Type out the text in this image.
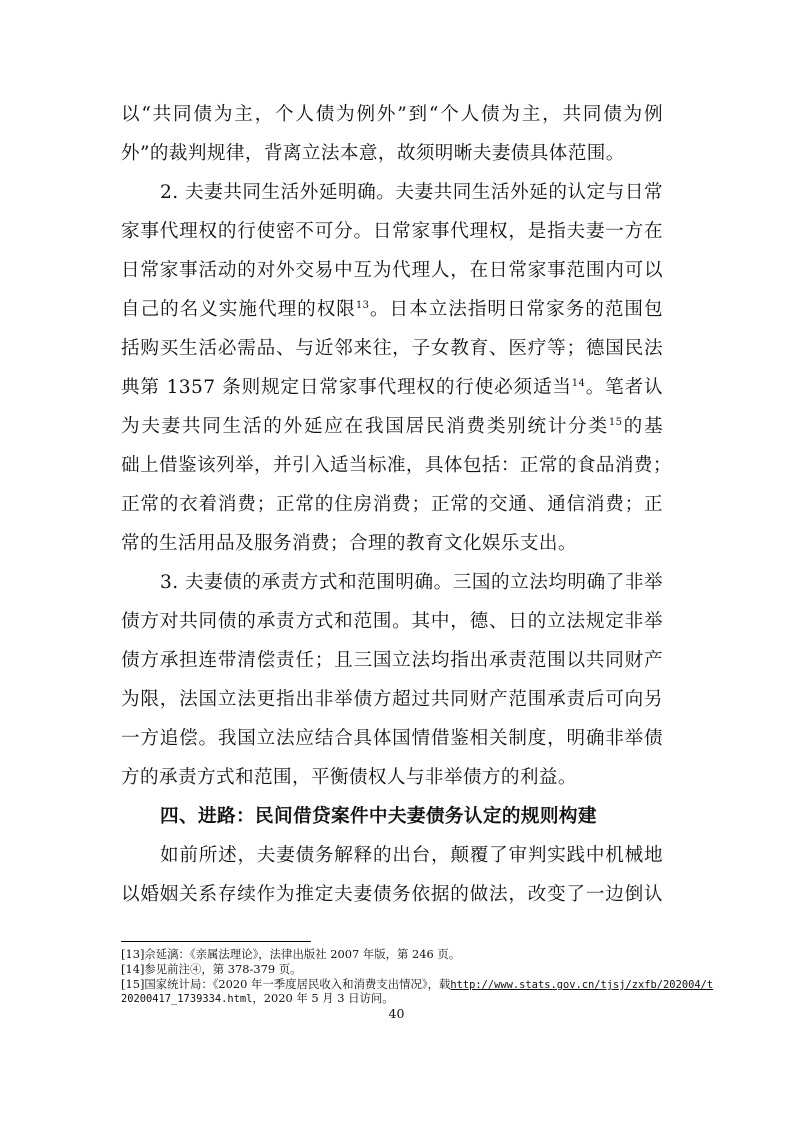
以“共同债为主，个人债为例外”到“个人债为主，共同债为例
外”的裁判规律，背离立法本意，故须明晰夫妻债具体范围。
2. 夫妻共同生活外延明确。夫妻共同生活外延的认定与日常
家事代理权的行使密不可分。日常家事代理权，是指夫妻一方在
日常家事活动的对外交易中互为代理人，在日常家事范围内可以
自己的名义实施代理的权限$^{13}$。日本立法指明日常家务的范围包
括购买生活必需品、与近邻来往，子女教育、医疗等；德国民法
典第 1357 条则规定日常家事代理权的行使必须适当$^{14}$。笔者认
为夫妻共同生活的外延应在我国居民消费类别统计分类$^{15}$的基
础上借鉴该列举，并引入适当标准，具体包括：正常的食品消费；
正常的衣着消费；正常的住房消费；正常的交通、通信消费；正
常的生活用品及服务消费；合理的教育文化娱乐支出。
3. 夫妻债的承责方式和范围明确。三国的立法均明确了非举
债方对共同债的承责方式和范围。其中，德、日的立法规定非举
债方承担连带清偿责任；且三国立法均指出承责范围以共同财产
为限，法国立法更指出非举债方超过共同财产范围承责后可向另
一方追偿。我国立法应结合具体国情借鉴相关制度，明确非举债
方的承责方式和范围，平衡债权人与非举债方的利益。
四、进路：民间借贷案件中夫妻债务认定的规则构建
如前所述，夫妻债务解释的出台，颠覆了审判实践中机械地
以婚姻关系存续作为推定夫妻债务依据的做法，改变了一边倒认
[13]佘延漓：《亲属法理论》，法律出版社 2007 年版，第 246 页。
[14]参见前注④，第 378-379 页。
[15]国家统计局：《2020 年一季度居民收入和消费支出情况》，载http://www.stats.gov.cn/tjsj/zxfb/202004/t
20200417_1739334.html，2020 年 5 月 3 日访问。
40
